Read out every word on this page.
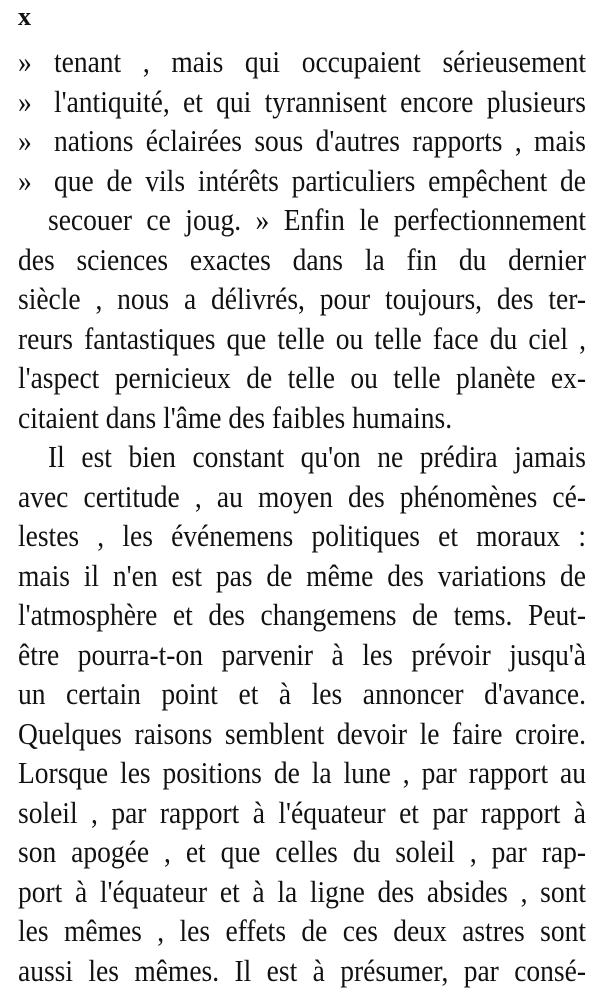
x
» tenant , mais qui occupaient sérieusement
» l'antiquité, et qui tyrannisent encore plusieurs
» nations éclairées sous d'autres rapports , mais
» que de vils intérêts particuliers empêchent de
secouer ce joug. » Enfin le perfectionnement
des sciences exactes dans la fin du dernier
siècle , nous a délivrés, pour toujours, des ter-
reurs fantastiques que telle ou telle face du ciel ,
l'aspect pernicieux de telle ou telle planète ex-
citaient dans l'âme des faibles humains.
Il est bien constant qu'on ne prédira jamais
avec certitude , au moyen des phénomènes cé-
lestes , les événemens politiques et moraux :
mais il n'en est pas de même des variations de
l'atmosphère et des changemens de tems. Peut-
être pourra-t-on parvenir à les prévoir jusqu'à
un certain point et à les annoncer d'avance.
Quelques raisons semblent devoir le faire croire.
Lorsque les positions de la lune , par rapport au
soleil , par rapport à l'équateur et par rapport à
son apogée , et que celles du soleil , par rap-
port à l'équateur et à la ligne des absides , sont
les mêmes , les effets de ces deux astres sont
aussi les mêmes. Il est à présumer, par consé-
